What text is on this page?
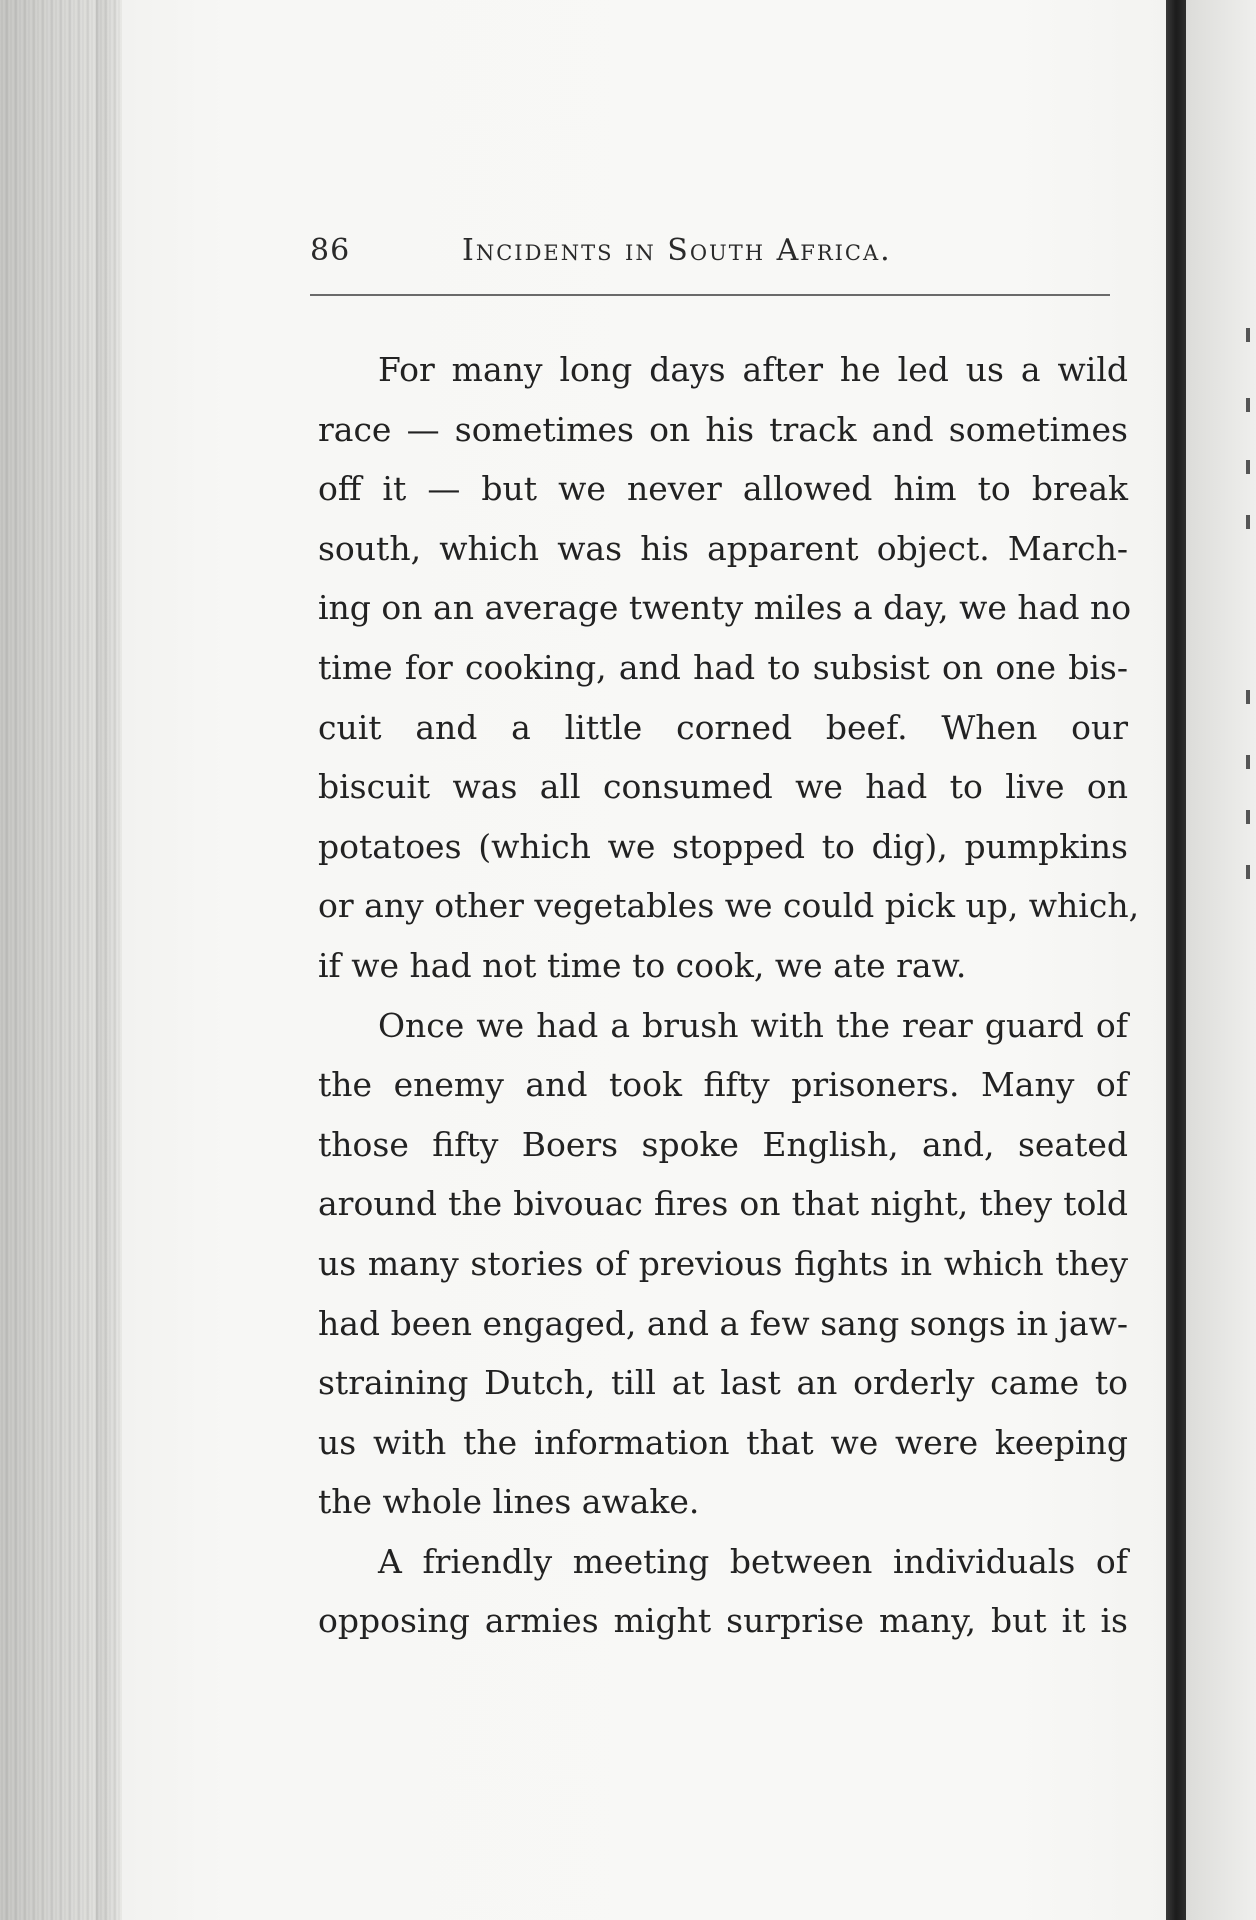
86	Incidents in South Africa.

For many long days after he led us a wild
race — sometimes on his track and sometimes
off it — but we never allowed him to break
south, which was his apparent object. March-
ing on an average twenty miles a day, we had no
time for cooking, and had to subsist on one bis-
cuit and a little corned beef. When our
biscuit was all consumed we had to live on
potatoes (which we stopped to dig), pumpkins
or any other vegetables we could pick up, which,
if we had not time to cook, we ate raw.

Once we had a brush with the rear guard of
the enemy and took fifty prisoners. Many of
those fifty Boers spoke English, and, seated
around the bivouac fires on that night, they told
us many stories of previous fights in which they
had been engaged, and a few sang songs in jaw-
straining Dutch, till at last an orderly came to
us with the information that we were keeping
the whole lines awake.

A friendly meeting between individuals of
opposing armies might surprise many, but it is
